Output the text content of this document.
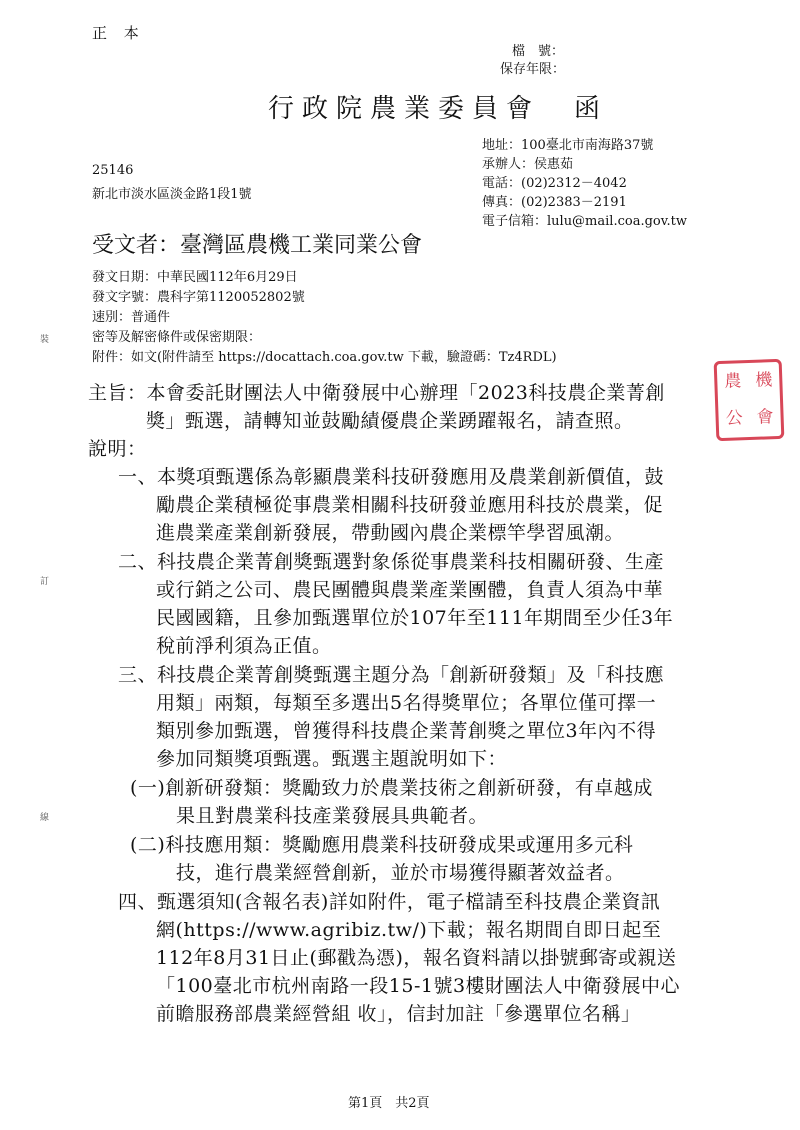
正 本
檔　號：
保存年限：
行政院農業委員會　函
地址：100臺北市南海路37號
承辦人：侯惠茹
電話：(02)2312－4042
傳真：(02)2383－2191
電子信箱：lulu@mail.coa.gov.tw
25146
新北市淡水區淡金路1段1號
受文者：臺灣區農機工業同業公會
發文日期：中華民國112年6月29日
發文字號：農科字第1120052802號
速別：普通件
密等及解密條件或保密期限：
附件：如文(附件請至 https://docattach.coa.gov.tw 下載，驗證碼：Tz4RDL)
主旨：本會委託財團法人中衛發展中心辦理「2023科技農企業菁創
獎」甄選，請轉知並鼓勵績優農企業踴躍報名，請查照。
說明：
一、本獎項甄選係為彰顯農業科技研發應用及農業創新價值，鼓
勵農企業積極從事農業相關科技研發並應用科技於農業，促
進農業產業創新發展，帶動國內農企業標竿學習風潮。
二、科技農企業菁創獎甄選對象係從事農業科技相關研發、生產
或行銷之公司、農民團體與農業產業團體，負責人須為中華
民國國籍，且參加甄選單位於107年至111年期間至少任3年
稅前淨利須為正值。
三、科技農企業菁創獎甄選主題分為「創新研發類」及「科技應
用類」兩類，每類至多選出5名得獎單位；各單位僅可擇一
類別參加甄選，曾獲得科技農企業菁創獎之單位3年內不得
參加同類獎項甄選。甄選主題說明如下：
(一)創新研發類：獎勵致力於農業技術之創新研發，有卓越成
果且對農業科技產業發展具典範者。
(二)科技應用類：獎勵應用農業科技研發成果或運用多元科
技，進行農業經營創新，並於市場獲得顯著效益者。
四、甄選須知(含報名表)詳如附件，電子檔請至科技農企業資訊
網(https://www.agribiz.tw/)下載；報名期間自即日起至
112年8月31日止(郵戳為憑)，報名資料請以掛號郵寄或親送
「100臺北市杭州南路一段15-1號3樓財團法人中衛發展中心
前瞻服務部農業經營組 收」，信封加註「參選單位名稱」
裝
訂
線
農 機
公 會
第1頁　共2頁
